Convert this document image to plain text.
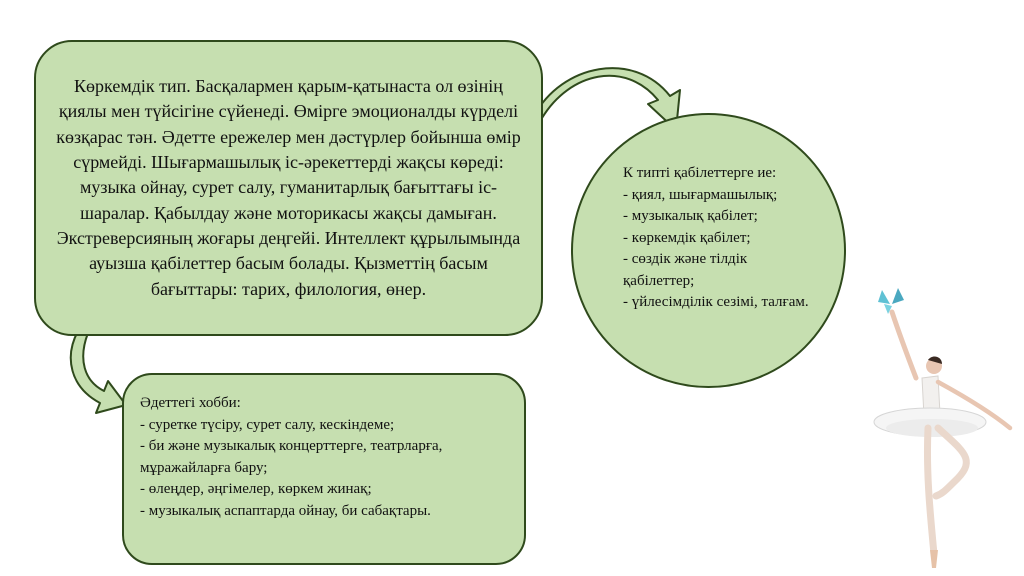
Көркемдік тип. Басқалармен қарым-қатынаста ол өзінің қиялы мен түйсігіне сүйенеді. Өмірге эмоционалды күрделі көзқарас тән. Әдетте ережелер мен дәстүрлер бойынша өмір сүрмейді. Шығармашылық іс-әрекеттерді жақсы көреді: музыка ойнау, сурет салу, гуманитарлық бағыттағы іс-шаралар. Қабылдау және моторикасы жақсы дамыған. Экстреверсияның жоғары деңгейі. Интеллект құрылымында ауызша қабілеттер басым болады. Қызметтің басым бағыттары: тарих, филология, өнер.

К типті қабілеттерге ие:

- қиял, шығармашылық;
- музыкалық қабілет;
- көркемдік қабілет;
- сөздік және тілдік қабілеттер;
- үйлесімділік сезімі, талғам.

Әдеттегі хобби:

- суретке түсіру, сурет салу, кескіндеме;
- би және музыкалық концерттерге, театрларға, мұражайларға бару;
- өлеңдер, әңгімелер, көркем жинақ;
- музыкалық аспаптарда ойнау, би сабақтары.
